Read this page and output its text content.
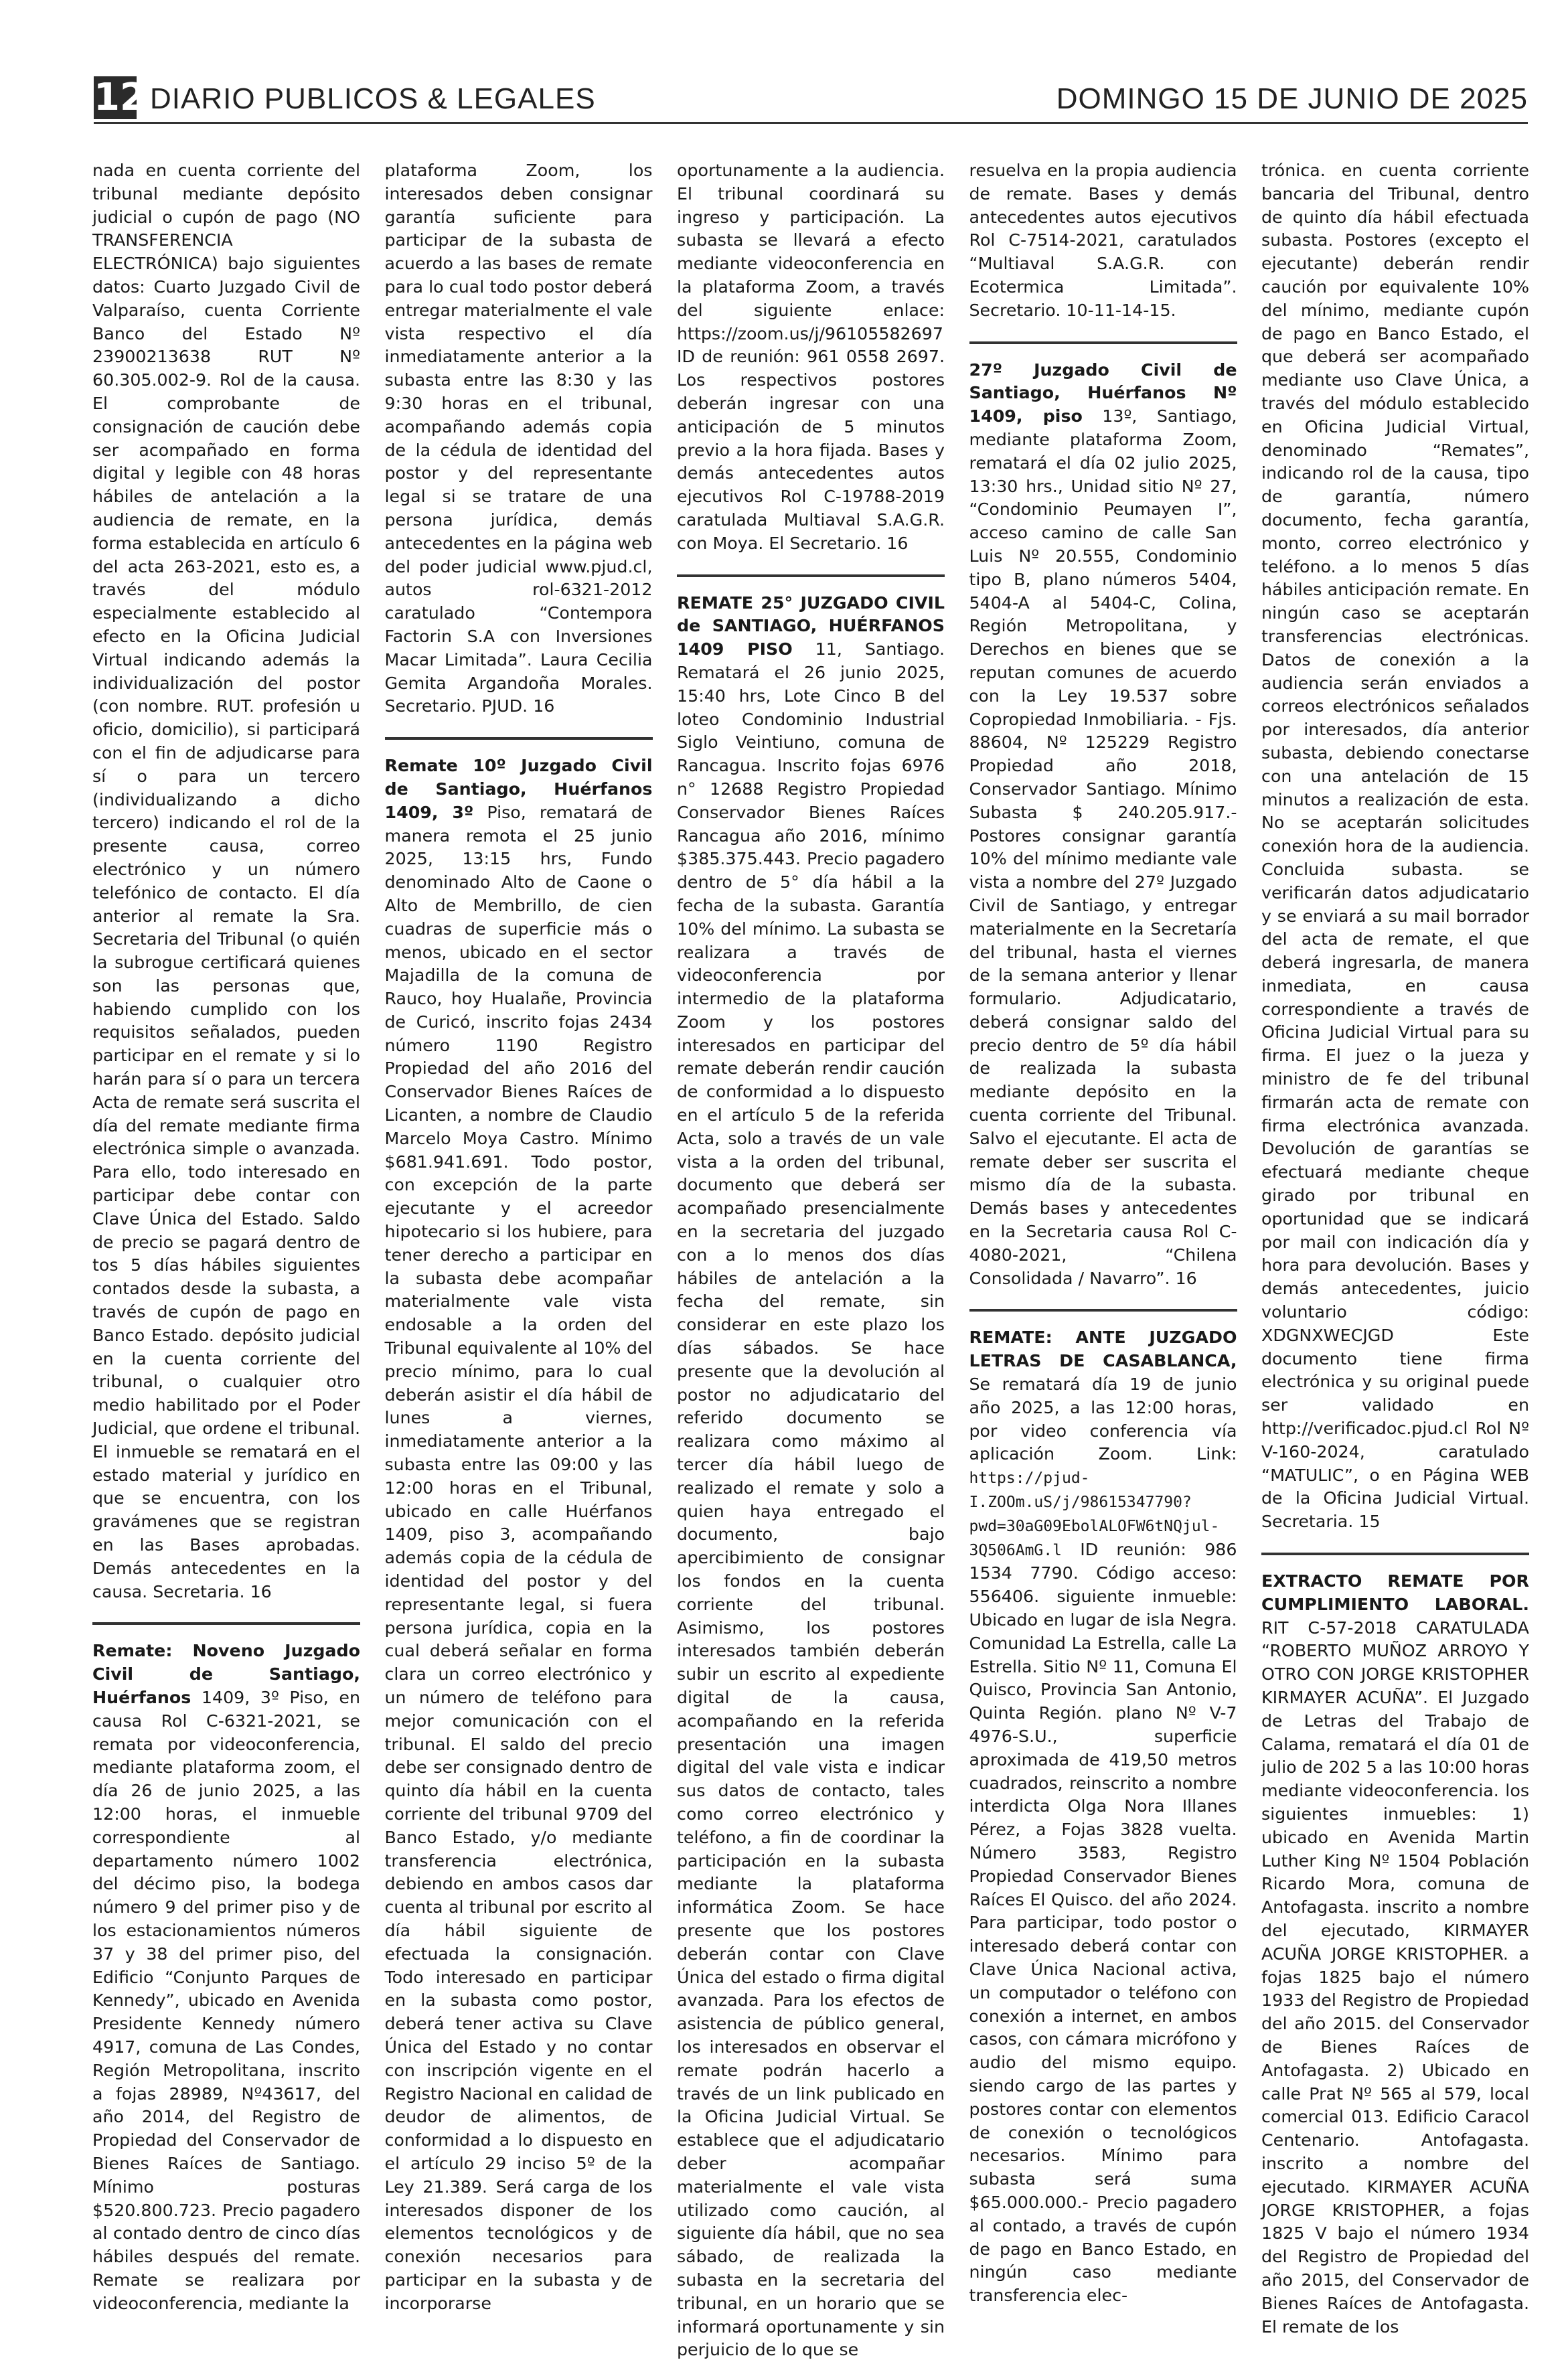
12 DIARIO PUBLICOS & LEGALES	DOMINGO 15 DE JUNIO DE 2025

nada en cuenta corriente del tribunal mediante depósito judicial o cupón de pago (NO TRANSFERENCIA ELECTRÓNICA) bajo siguientes datos: Cuarto Juzgado Civil de Valparaíso, cuenta Corriente Banco del Estado Nº 23900213638 RUT Nº 60.305.002-9. Rol de la causa. El comprobante de consignación de caución debe ser acompañado en forma digital y legible con 48 horas hábiles de antelación a la audiencia de remate, en la forma establecida en artículo 6 del acta 263-2021, esto es, a través del módulo especialmente establecido al efecto en la Oficina Judicial Virtual indicando además la individualización del postor (con nombre. RUT. profesión u oficio, domicilio), si participará con el fin de adjudicarse para sí o para un tercero (individualizando a dicho tercero) indicando el rol de la presente causa, correo electrónico y un número telefónico de contacto. El día anterior al remate la Sra. Secretaria del Tribunal (o quién la subrogue certificará quienes son las personas que, habiendo cumplido con los requisitos señalados, pueden participar en el remate y si lo harán para sí o para un tercera Acta de remate será suscrita el día del remate mediante firma electrónica simple o avanzada. Para ello, todo interesado en participar debe contar con Clave Única del Estado. Saldo de precio se pagará dentro de tos 5 días hábiles siguientes contados desde la subasta, a través de cupón de pago en Banco Estado. depósito judicial en la cuenta corriente del tribunal, o cualquier otro medio habilitado por el Poder Judicial, que ordene el tribunal. El inmueble se rematará en el estado material y jurídico en que se encuentra, con los gravámenes que se registran en las Bases aprobadas. Demás antecedentes en la causa. Secretaria. 16

Remate: Noveno Juzgado Civil de Santiago, Huérfanos 1409, 3º Piso, en causa Rol C-6321-2021, se remata por videoconferencia, mediante plataforma zoom, el día 26 de junio 2025, a las 12:00 horas, el inmueble correspondiente al departamento número 1002 del décimo piso, la bodega número 9 del primer piso y de los estacionamientos números 37 y 38 del primer piso, del Edificio “Conjunto Parques de Kennedy”, ubicado en Avenida Presidente Kennedy número 4917, comuna de Las Condes, Región Metropolitana, inscrito a fojas 28989, Nº43617, del año 2014, del Registro de Propiedad del Conservador de Bienes Raíces de Santiago. Mínimo posturas $520.800.723. Precio pagadero al contado dentro de cinco días hábiles después del remate. Remate se realizara por videoconferencia, mediante la

plataforma Zoom, los interesados deben consignar garantía suficiente para participar de la subasta de acuerdo a las bases de remate para lo cual todo postor deberá entregar materialmente el vale vista respectivo el día inmediatamente anterior a la subasta entre las 8:30 y las 9:30 horas en el tribunal, acompañando además copia de la cédula de identidad del postor y del representante legal si se tratare de una persona jurídica, demás antecedentes en la página web del poder judicial www.pjud.cl, autos rol-6321-2012 caratulado “Contempora Factorin S.A con Inversiones Macar Limitada”. Laura Cecilia Gemita Argandoña Morales. Secretario. PJUD. 16

Remate 10º Juzgado Civil de Santiago, Huérfanos 1409, 3º Piso, rematará de manera remota el 25 junio 2025, 13:15 hrs, Fundo denominado Alto de Caone o Alto de Membrillo, de cien cuadras de superficie más o menos, ubicado en el sector Majadilla de la comuna de Rauco, hoy Hualañe, Provincia de Curicó, inscrito fojas 2434 número 1190 Registro Propiedad del año 2016 del Conservador Bienes Raíces de Licanten, a nombre de Claudio Marcelo Moya Castro. Mínimo $681.941.691. Todo postor, con excepción de la parte ejecutante y el acreedor hipotecario si los hubiere, para tener derecho a participar en la subasta debe acompañar materialmente vale vista endosable a la orden del Tribunal equivalente al 10% del precio mínimo, para lo cual deberán asistir el día hábil de lunes a viernes, inmediatamente anterior a la subasta entre las 09:00 y las 12:00 horas en el Tribunal, ubicado en calle Huérfanos 1409, piso 3, acompañando además copia de la cédula de identidad del postor y del representante legal, si fuera persona jurídica, copia en la cual deberá señalar en forma clara un correo electrónico y un número de teléfono para mejor comunicación con el tribunal. El saldo del precio debe ser consignado dentro de quinto día hábil en la cuenta corriente del tribunal 9709 del Banco Estado, y/o mediante transferencia electrónica, debiendo en ambos casos dar cuenta al tribunal por escrito al día hábil siguiente de efectuada la consignación. Todo interesado en participar en la subasta como postor, deberá tener activa su Clave Única del Estado y no contar con inscripción vigente en el Registro Nacional en calidad de deudor de alimentos, de conformidad a lo dispuesto en el artículo 29 inciso 5º de la Ley 21.389. Será carga de los interesados disponer de los elementos tecnológicos y de conexión necesarios para participar en la subasta y de incorporarse

oportunamente a la audiencia. El tribunal coordinará su ingreso y participación. La subasta se llevará a efecto mediante videoconferencia en la plataforma Zoom, a través del siguiente enlace: https://zoom.us/j/96105582697 ID de reunión: 961 0558 2697. Los respectivos postores deberán ingresar con una anticipación de 5 minutos previo a la hora fijada. Bases y demás antecedentes autos ejecutivos Rol C-19788-2019 caratulada Multiaval S.A.G.R. con Moya. El Secretario. 16

REMATE 25° JUZGADO CIVIL de SANTIAGO, HUÉRFANOS 1409 PISO 11, Santiago. Rematará el 26 junio 2025, 15:40 hrs, Lote Cinco B del loteo Condominio Industrial Siglo Veintiuno, comuna de Rancagua. Inscrito fojas 6976 n° 12688 Registro Propiedad Conservador Bienes Raíces Rancagua año 2016, mínimo $385.375.443. Precio pagadero dentro de 5° día hábil a la fecha de la subasta. Garantía 10% del mínimo. La subasta se realizara a través de videoconferencia por intermedio de la plataforma Zoom y los postores interesados en participar del remate deberán rendir caución de conformidad a lo dispuesto en el artículo 5 de la referida Acta, solo a través de un vale vista a la orden del tribunal, documento que deberá ser acompañado presencialmente en la secretaria del juzgado con a lo menos dos días hábiles de antelación a la fecha del remate, sin considerar en este plazo los días sábados. Se hace presente que la devolución al postor no adjudicatario del referido documento se realizara como máximo al tercer día hábil luego de realizado el remate y solo a quien haya entregado el documento, bajo apercibimiento de consignar los fondos en la cuenta corriente del tribunal. Asimismo, los postores interesados también deberán subir un escrito al expediente digital de la causa, acompañando en la referida presentación una imagen digital del vale vista e indicar sus datos de contacto, tales como correo electrónico y teléfono, a fin de coordinar la participación en la subasta mediante la plataforma informática Zoom. Se hace presente que los postores deberán contar con Clave Única del estado o firma digital avanzada. Para los efectos de asistencia de público general, los interesados en observar el remate podrán hacerlo a través de un link publicado en la Oficina Judicial Virtual. Se establece que el adjudicatario deber acompañar materialmente el vale vista utilizado como caución, al siguiente día hábil, que no sea sábado, de realizada la subasta en la secretaria del tribunal, en un horario que se informará oportunamente y sin perjuicio de lo que se

resuelva en la propia audiencia de remate. Bases y demás antecedentes autos ejecutivos Rol C-7514-2021, caratulados “Multiaval S.A.G.R. con Ecotermica Limitada”. Secretario. 10-11-14-15.

27º Juzgado Civil de Santiago, Huérfanos Nº 1409, piso 13º, Santiago, mediante plataforma Zoom, rematará el día 02 julio 2025, 13:30 hrs., Unidad sitio Nº 27, “Condominio Peumayen I”, acceso camino de calle San Luis Nº 20.555, Condominio tipo B, plano números 5404, 5404-A al 5404-C, Colina, Región Metropolitana, y Derechos en bienes que se reputan comunes de acuerdo con la Ley 19.537 sobre Copropiedad Inmobiliaria. - Fjs. 88604, Nº 125229 Registro Propiedad año 2018, Conservador Santiago. Mínimo Subasta $ 240.205.917.- Postores consignar garantía 10% del mínimo mediante vale vista a nombre del 27º Juzgado Civil de Santiago, y entregar materialmente en la Secretaría del tribunal, hasta el viernes de la semana anterior y llenar formulario. Adjudicatario, deberá consignar saldo del precio dentro de 5º día hábil de realizada la subasta mediante depósito en la cuenta corriente del Tribunal. Salvo el ejecutante. El acta de remate deber ser suscrita el mismo día de la subasta. Demás bases y antecedentes en la Secretaria causa Rol C-4080-2021, “Chilena Consolidada / Navarro”. 16

REMATE: ANTE JUZGADO LETRAS DE CASABLANCA, Se rematará día 19 de junio año 2025, a las 12:00 horas, por video conferencia vía aplicación Zoom. Link: https://pjud-I.ZOOm.uS/j/98615347790?pwd=30aG09EbolALOFW6tNQjul-3Q506AmG.l ID reunión: 986 1534 7790. Código acceso: 556406. siguiente inmueble: Ubicado en lugar de isla Negra. Comunidad La Estrella, calle La Estrella. Sitio Nº 11, Comuna El Quisco, Provincia San Antonio, Quinta Región. plano Nº V-7 4976-S.U., superficie aproximada de 419,50 metros cuadrados, reinscrito a nombre interdicta Olga Nora Illanes Pérez, a Fojas 3828 vuelta. Número 3583, Registro Propiedad Conservador Bienes Raíces El Quisco. del año 2024. Para participar, todo postor o interesado deberá contar con Clave Única Nacional activa, un computador o teléfono con conexión a internet, en ambos casos, con cámara micrófono y audio del mismo equipo. siendo cargo de las partes y postores contar con elementos de conexión o tecnológicos necesarios. Mínimo para subasta será suma $65.000.000.- Precio pagadero al contado, a través de cupón de pago en Banco Estado, en ningún caso mediante transferencia elec-

trónica. en cuenta corriente bancaria del Tribunal, dentro de quinto día hábil efectuada subasta. Postores (excepto el ejecutante) deberán rendir caución por equivalente 10% del mínimo, mediante cupón de pago en Banco Estado, el que deberá ser acompañado mediante uso Clave Única, a través del módulo establecido en Oficina Judicial Virtual, denominado “Remates”, indicando rol de la causa, tipo de garantía, número documento, fecha garantía, monto, correo electrónico y teléfono. a lo menos 5 días hábiles anticipación remate. En ningún caso se aceptarán transferencias electrónicas. Datos de conexión a la audiencia serán enviados a correos electrónicos señalados por interesados, día anterior subasta, debiendo conectarse con una antelación de 15 minutos a realización de esta. No se aceptarán solicitudes conexión hora de la audiencia. Concluida subasta. se verificarán datos adjudicatario y se enviará a su mail borrador del acta de remate, el que deberá ingresarla, de manera inmediata, en causa correspondiente a través de Oficina Judicial Virtual para su firma. El juez o la jueza y ministro de fe del tribunal firmarán acta de remate con firma electrónica avanzada. Devolución de garantías se efectuará mediante cheque girado por tribunal en oportunidad que se indicará por mail con indicación día y hora para devolución. Bases y demás antecedentes, juicio voluntario código: XDGNXWECJGD Este documento tiene firma electrónica y su original puede ser validado en http://verificadoc.pjud.cl Rol Nº V-160-2024, caratulado “MATULIC”, o en Página WEB de la Oficina Judicial Virtual. Secretaria. 15

EXTRACTO REMATE POR CUMPLIMIENTO LABORAL. RIT C-57-2018 CARATULADA “ROBERTO MUÑOZ ARROYO Y OTRO CON JORGE KRISTOPHER KIRMAYER ACUÑA”. El Juzgado de Letras del Trabajo de Calama, rematará el día 01 de julio de 202 5 a las 10:00 horas mediante videoconferencia. los siguientes inmuebles: 1) ubicado en Avenida Martin Luther King Nº 1504 Población Ricardo Mora, comuna de Antofagasta. inscrito a nombre del ejecutado, KIRMAYER ACUÑA JORGE KRISTOPHER. a fojas 1825 bajo el número 1933 del Registro de Propiedad del año 2015. del Conservador de Bienes Raíces de Antofagasta. 2) Ubicado en calle Prat Nº 565 al 579, local comercial 013. Edificio Caracol Centenario. Antofagasta. inscrito a nombre del ejecutado. KIRMAYER ACUÑA JORGE KRISTOPHER, a fojas 1825 V bajo el número 1934 del Registro de Propiedad del año 2015, del Conservador de Bienes Raíces de Antofagasta. El remate de los
